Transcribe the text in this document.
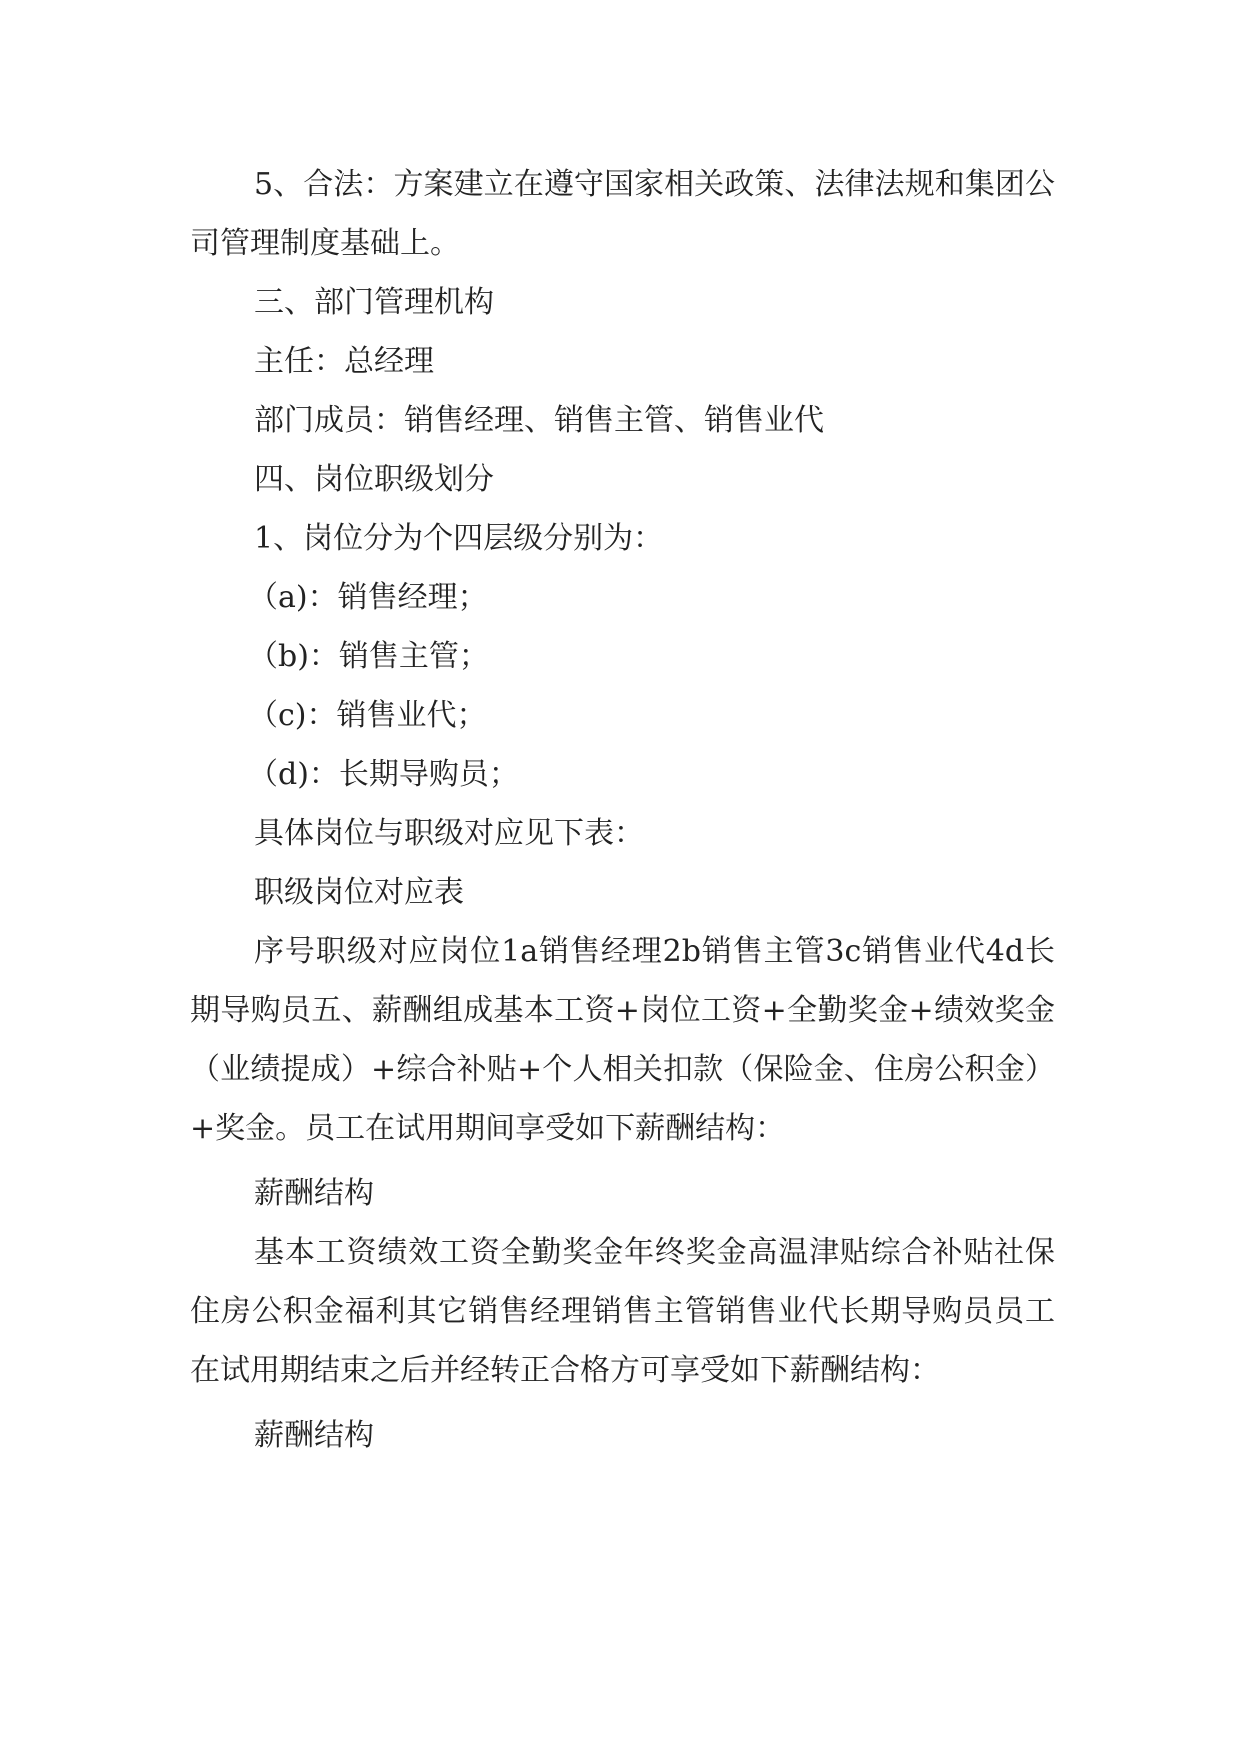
5、合法：方案建立在遵守国家相关政策、法律法规和集团公司管理制度基础上。

三、部门管理机构

主任：总经理

部门成员：销售经理、销售主管、销售业代

四、岗位职级划分

1、岗位分为个四层级分别为：

（a)：销售经理；

（b)：销售主管；

（c)：销售业代；

（d)：长期导购员；

具体岗位与职级对应见下表：

职级岗位对应表

序号职级对应岗位1a销售经理2b销售主管3c销售业代4d长期导购员五、薪酬组成基本工资+岗位工资+全勤奖金+绩效奖金（业绩提成）+综合补贴+个人相关扣款（保险金、住房公积金）+奖金。员工在试用期间享受如下薪酬结构：

薪酬结构

基本工资绩效工资全勤奖金年终奖金高温津贴综合补贴社保住房公积金福利其它销售经理销售主管销售业代长期导购员员工在试用期结束之后并经转正合格方可享受如下薪酬结构：

薪酬结构
